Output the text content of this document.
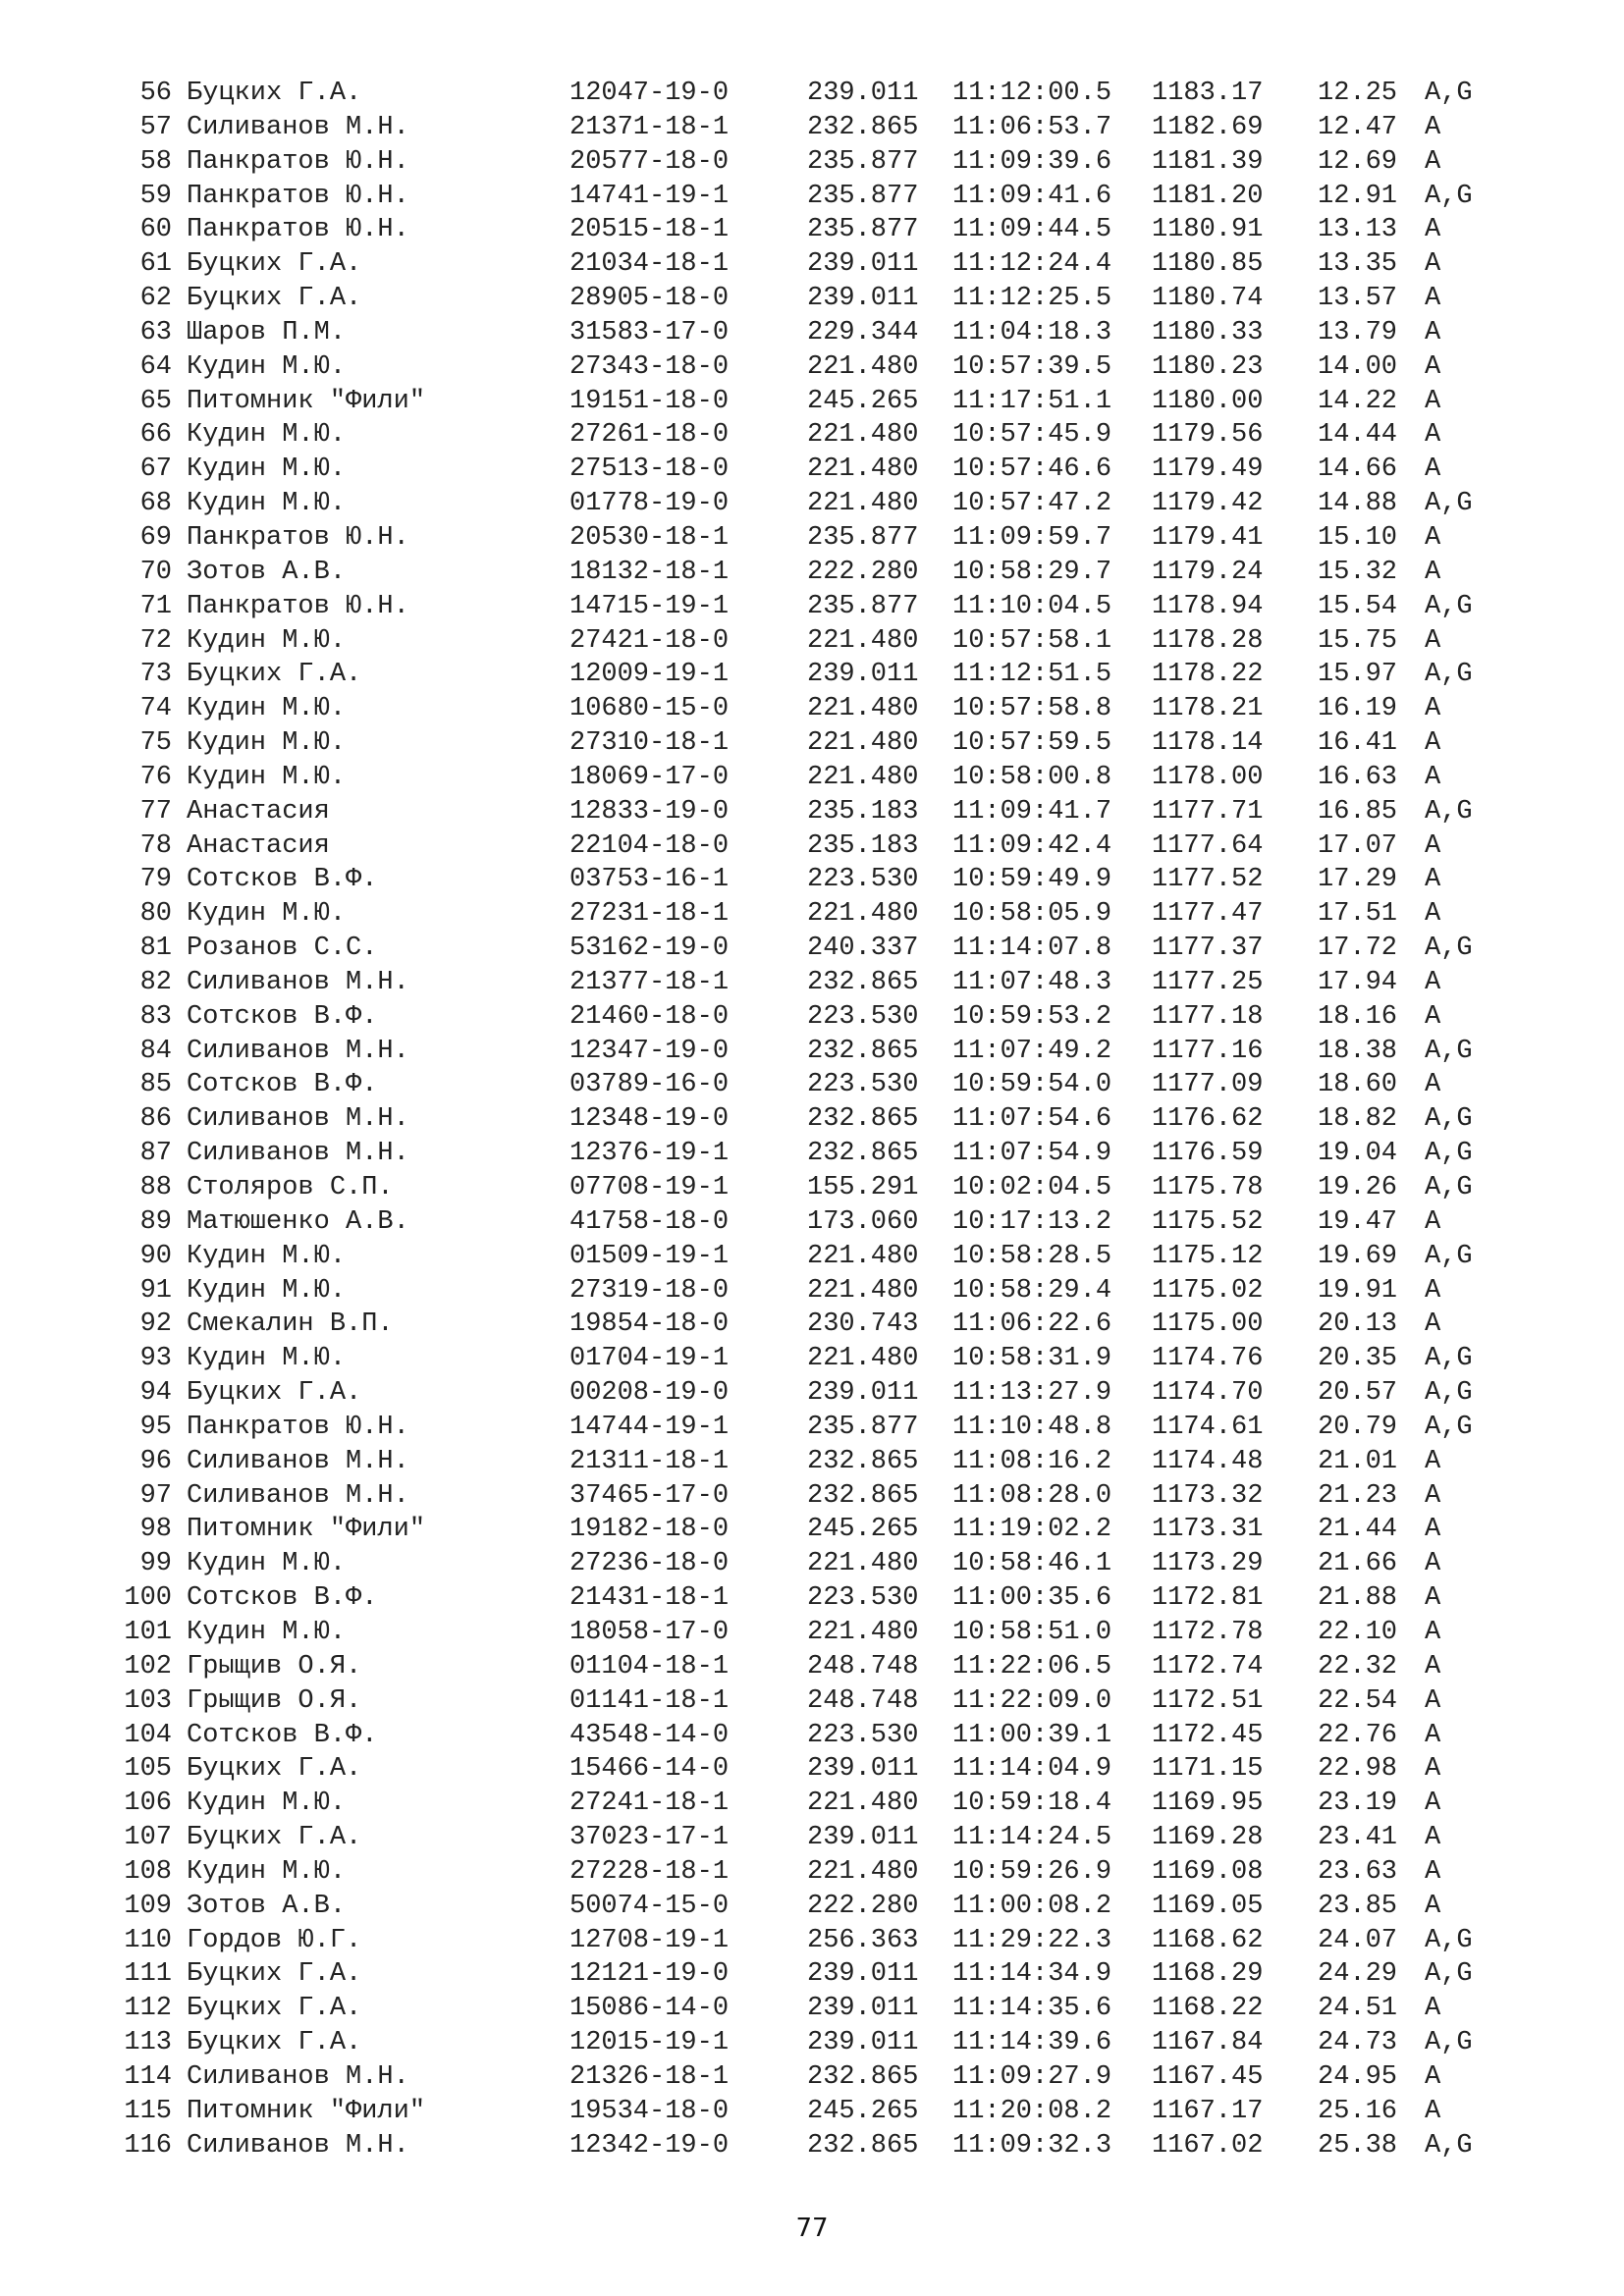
56 Буцких Г.А.	12047-19-0	239.011 11:12:00.5 1183.17 12.25 A,G
57 Силиванов М.Н.	21371-18-1	232.865 11:06:53.7 1182.69 12.47 A
58 Панкратов Ю.Н.	20577-18-0	235.877 11:09:39.6 1181.39 12.69 A
59 Панкратов Ю.Н.	14741-19-1	235.877 11:09:41.6 1181.20 12.91 A,G
60 Панкратов Ю.Н.	20515-18-1	235.877 11:09:44.5 1180.91 13.13 A
61 Буцких Г.А.	21034-18-1	239.011 11:12:24.4 1180.85 13.35 A
62 Буцких Г.А.	28905-18-0	239.011 11:12:25.5 1180.74 13.57 A
63 Шаров П.М.	31583-17-0	229.344 11:04:18.3 1180.33 13.79 A
64 Кудин М.Ю.	27343-18-0	221.480 10:57:39.5 1180.23 14.00 A
65 Питомник "Фили"	19151-18-0	245.265 11:17:51.1 1180.00 14.22 A
66 Кудин М.Ю.	27261-18-0	221.480 10:57:45.9 1179.56 14.44 A
67 Кудин М.Ю.	27513-18-0	221.480 10:57:46.6 1179.49 14.66 A
68 Кудин М.Ю.	01778-19-0	221.480 10:57:47.2 1179.42 14.88 A,G
69 Панкратов Ю.Н.	20530-18-1	235.877 11:09:59.7 1179.41 15.10 A
70 Зотов А.В.	18132-18-1	222.280 10:58:29.7 1179.24 15.32 A
71 Панкратов Ю.Н.	14715-19-1	235.877 11:10:04.5 1178.94 15.54 A,G
72 Кудин М.Ю.	27421-18-0	221.480 10:57:58.1 1178.28 15.75 A
73 Буцких Г.А.	12009-19-1	239.011 11:12:51.5 1178.22 15.97 A,G
74 Кудин М.Ю.	10680-15-0	221.480 10:57:58.8 1178.21 16.19 A
75 Кудин М.Ю.	27310-18-1	221.480 10:57:59.5 1178.14 16.41 A
76 Кудин М.Ю.	18069-17-0	221.480 10:58:00.8 1178.00 16.63 A
77 Анастасия	12833-19-0	235.183 11:09:41.7 1177.71 16.85 A,G
78 Анастасия	22104-18-0	235.183 11:09:42.4 1177.64 17.07 A
79 Сотсков В.Ф.	03753-16-1	223.530 10:59:49.9 1177.52 17.29 A
80 Кудин М.Ю.	27231-18-1	221.480 10:58:05.9 1177.47 17.51 A
81 Розанов С.С.	53162-19-0	240.337 11:14:07.8 1177.37 17.72 A,G
82 Силиванов М.Н.	21377-18-1	232.865 11:07:48.3 1177.25 17.94 A
83 Сотсков В.Ф.	21460-18-0	223.530 10:59:53.2 1177.18 18.16 A
84 Силиванов М.Н.	12347-19-0	232.865 11:07:49.2 1177.16 18.38 A,G
85 Сотсков В.Ф.	03789-16-0	223.530 10:59:54.0 1177.09 18.60 A
86 Силиванов М.Н.	12348-19-0	232.865 11:07:54.6 1176.62 18.82 A,G
87 Силиванов М.Н.	12376-19-1	232.865 11:07:54.9 1176.59 19.04 A,G
88 Столяров С.П.	07708-19-1	155.291 10:02:04.5 1175.78 19.26 A,G
89 Матюшенко А.В.	41758-18-0	173.060 10:17:13.2 1175.52 19.47 A
90 Кудин М.Ю.	01509-19-1	221.480 10:58:28.5 1175.12 19.69 A,G
91 Кудин М.Ю.	27319-18-0	221.480 10:58:29.4 1175.02 19.91 A
92 Смекалин В.П.	19854-18-0	230.743 11:06:22.6 1175.00 20.13 A
93 Кудин М.Ю.	01704-19-1	221.480 10:58:31.9 1174.76 20.35 A,G
94 Буцких Г.А.	00208-19-0	239.011 11:13:27.9 1174.70 20.57 A,G
95 Панкратов Ю.Н.	14744-19-1	235.877 11:10:48.8 1174.61 20.79 A,G
96 Силиванов М.Н.	21311-18-1	232.865 11:08:16.2 1174.48 21.01 A
97 Силиванов М.Н.	37465-17-0	232.865 11:08:28.0 1173.32 21.23 A
98 Питомник "Фили"	19182-18-0	245.265 11:19:02.2 1173.31 21.44 A
99 Кудин М.Ю.	27236-18-0	221.480 10:58:46.1 1173.29 21.66 A
100 Сотсков В.Ф.	21431-18-1	223.530 11:00:35.6 1172.81 21.88 A
101 Кудин М.Ю.	18058-17-0	221.480 10:58:51.0 1172.78 22.10 A
102 Грыщив О.Я.	01104-18-1	248.748 11:22:06.5 1172.74 22.32 A
103 Грыщив О.Я.	01141-18-1	248.748 11:22:09.0 1172.51 22.54 A
104 Сотсков В.Ф.	43548-14-0	223.530 11:00:39.1 1172.45 22.76 A
105 Буцких Г.А.	15466-14-0	239.011 11:14:04.9 1171.15 22.98 A
106 Кудин М.Ю.	27241-18-1	221.480 10:59:18.4 1169.95 23.19 A
107 Буцких Г.А.	37023-17-1	239.011 11:14:24.5 1169.28 23.41 A
108 Кудин М.Ю.	27228-18-1	221.480 10:59:26.9 1169.08 23.63 A
109 Зотов А.В.	50074-15-0	222.280 11:00:08.2 1169.05 23.85 A
110 Гордов Ю.Г.	12708-19-1	256.363 11:29:22.3 1168.62 24.07 A,G
111 Буцких Г.А.	12121-19-0	239.011 11:14:34.9 1168.29 24.29 A,G
112 Буцких Г.А.	15086-14-0	239.011 11:14:35.6 1168.22 24.51 A
113 Буцких Г.А.	12015-19-1	239.011 11:14:39.6 1167.84 24.73 A,G
114 Силиванов М.Н.	21326-18-1	232.865 11:09:27.9 1167.45 24.95 A
115 Питомник "Фили"	19534-18-0	245.265 11:20:08.2 1167.17 25.16 A
116 Силиванов М.Н.	12342-19-0	232.865 11:09:32.3 1167.02 25.38 A,G
77
